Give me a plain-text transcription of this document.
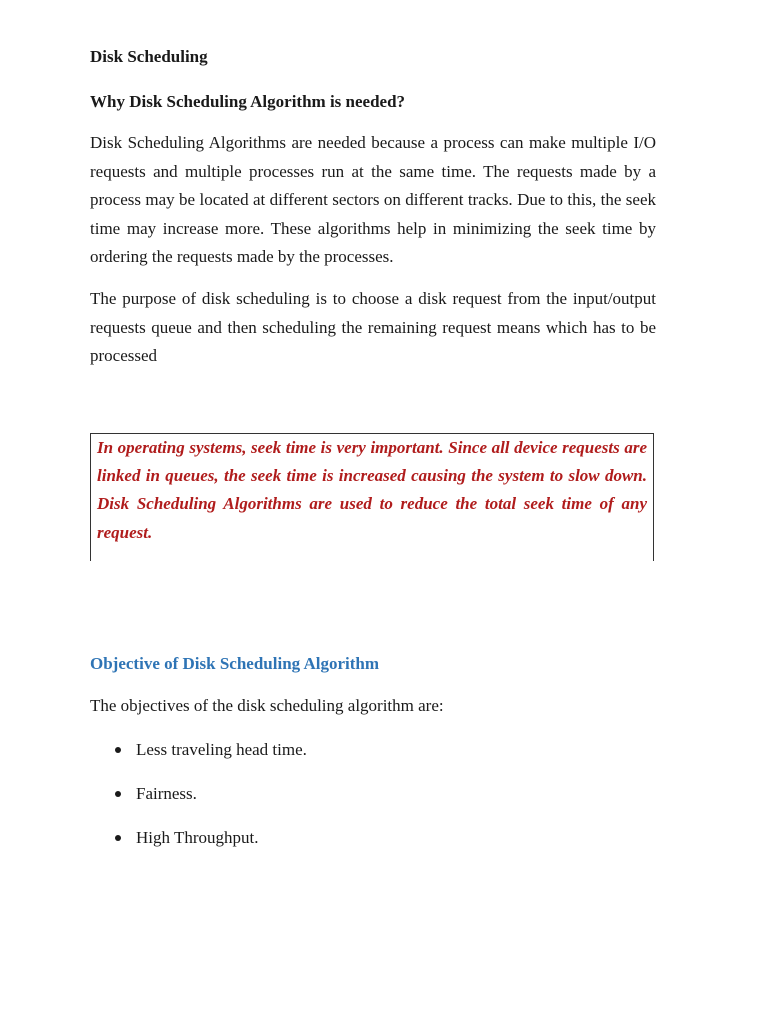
Disk Scheduling
Why Disk Scheduling Algorithm is needed?

Disk Scheduling Algorithms are needed because a process can make multiple I/O requests and multiple processes run at the same time. The requests made by a process may be located at different sectors on different tracks. Due to this, the seek time may increase more. These algorithms help in minimizing the seek time by ordering the requests made by the processes.

The purpose of disk scheduling is to choose a disk request from the input/output requests queue and then scheduling the remaining request means which has to be processed

In operating systems, seek time is very important. Since all device requests are linked in queues, the seek time is increased causing the system to slow down. Disk Scheduling Algorithms are used to reduce the total seek time of any request.

Objective of Disk Scheduling Algorithm

The objectives of the disk scheduling algorithm are:

Less traveling head time.
Fairness.
High Throughput.
